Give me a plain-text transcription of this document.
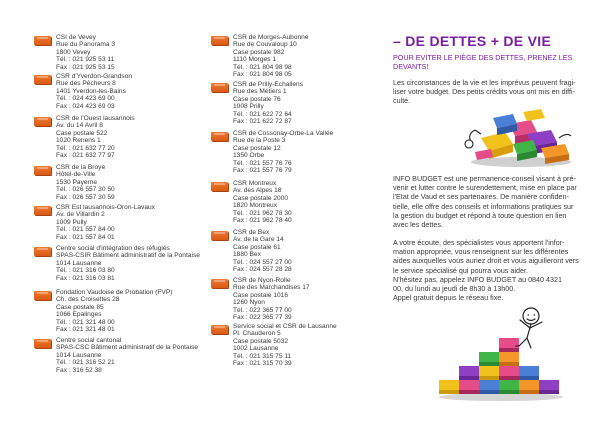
CSI de Vevey
Rue du Panorama 3
1800 Vevey
Tél. : 021 925 53 11
Fax : 021 925 53 15
CSR d'Yverdon-Grandson
Rue des Pêcheurs 8
1401 Yverdon-les-Bains
Tél. : 024 423 69 00
Fax : 024 423 69 03
CSR de l'Ouest lausannois
Av. du 14 Avril 8
Case postale 522
1020 Renens 1
Tél. : 021 632 77 20
Fax : 021 632 77 97
CSR de la Broye
Hôtel-de-Ville
1530 Payerne
Tél. : 026 557 30 50
Fax : 026 557 30 59
CSR Est lausannois-Oron-Lavaux
Av. de Villardin 2
1009 Pully
Tél. : 021 557 84 00
Fax : 021 557 84 01
Centre social d'intégration des réfugiés
SPAS-CSIR Bâtiment administratif de la Pontaise
1014 Lausanne
Tél. : 021 316 03 80
Fax : 021 316 03 81
Fondation Vaudoise de Probation (FVP)
Ch. des Croisettes 28
Case postale 85
1066 Epalinges
Tél. : 021 321 48 00
Fax : 021 321 48 01
Centre social cantonal
SPAS-CSC Bâtiment administratif de la Pontaise
1014 Lausanne
Tél. : 021 316 52 21
Fax : 316 52 38
CSR de Morges-Aubonne
Rue de Couvaloup 10
Case postale 982
1110 Morges 1
Tél. : 021 804 98 98
Fax : 021 804 98 05
CSR de Prilly-Echallens
Rue des Métiers 1
Case postale 76
1008 Prilly
Tél. : 021 622 72 64
Fax : 021 622 72 87
CSR de Cossonay-Orbe-La Vallée
Rue de la Poste 3
Case postale 12
1350 Orbe
Tél. : 021 557 76 76
Fax : 021 557 76 79
CSR Montreux
Av. des Alpes 18
Case postale 2000
1820 Montreux
Tél. : 021 962 78 30
Fax : 021 962 78 40
CSR de Bex
Av. de la Gare 14
Case postale 61
1880 Bex
Tél. : 024 557 27 00
Fax : 024 557 28 28
CSR de Nyon-Rolle
Rue des Marchandises 17
Case postale 1016
1260 Nyon
Tél. : 022 365 77 00
Fax : 022 365 77 39
Service social et CSR de Lausanne
Pl. Chauderon 5
Case postale 5032
1002 Lausanne
Tél. : 021 315 75 11
Fax : 021 315 70 39
– DE DETTES + DE VIE
POUR EVITER LE PIÈGE DES DETTES, PRENEZ LES DEVANTS!
Les circonstances de la vie et les imprévus peuvent fragi-
liser votre budget. Des petits crédits vous ont mis en diffi-
culté.
INFO BUDGET est une permanence-conseil visant à pré-
venir et lutter contre le surendettement, mise en place par
l'Etat de Vaud et ses partenaires. De manière confiden-
tielle, elle offre des conseils et informations pratiques sur
la gestion du budget et répond à toute question en lien
avec les dettes.
A votre écoute, des spécialistes vous apportent l'infor-
mation appropriée, vous renseignent sur les différentes
aides auxquelles vous auriez droit et vous aiguilleront vers
le service spécialisé qui pourra vous aider.
N'hésitez pas, appelez INFO BUDGET au 0840 4321
00, du lundi au jeudi de 8h30 à 13h00.
Appel gratuit depuis le réseau fixe.
